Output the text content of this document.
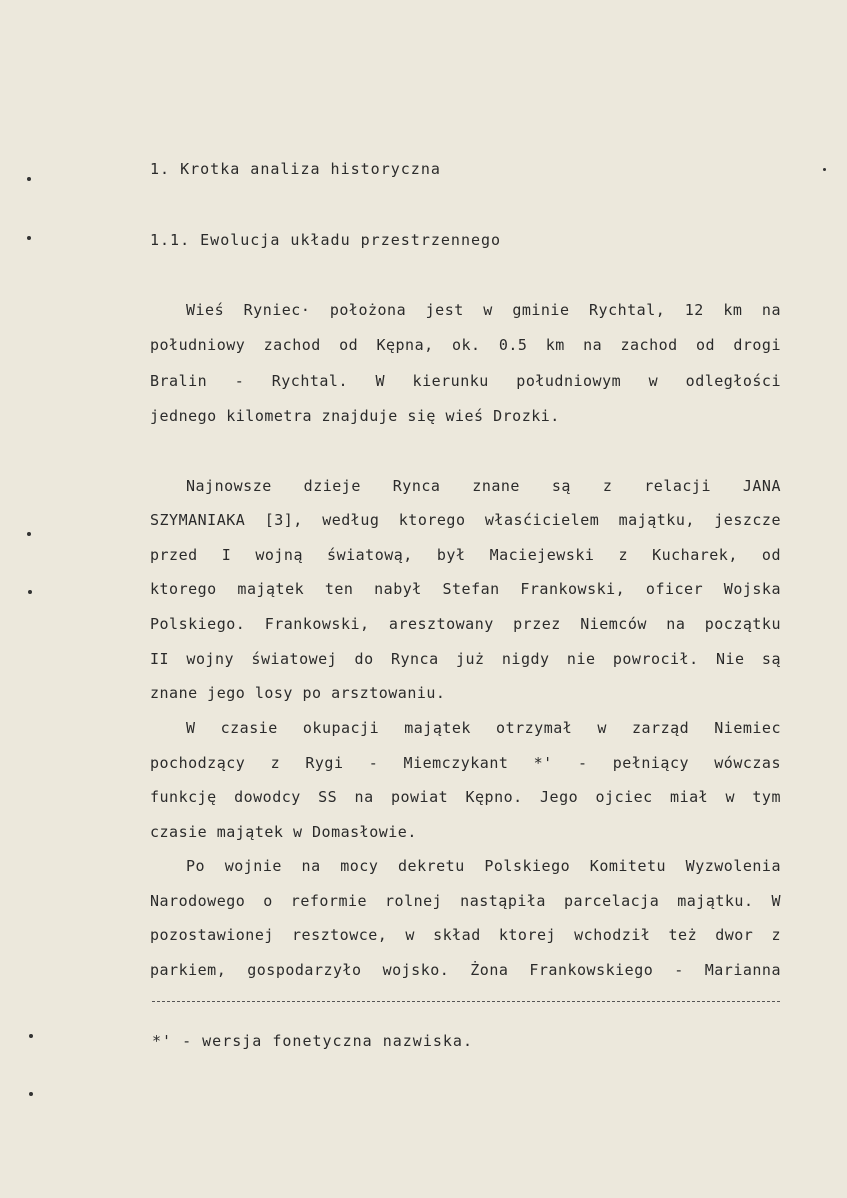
1. Krotka analiza historyczna
1.1. Ewolucja układu przestrzennego
Wieś Ryniec· położona jest w gminie Rychtal, 12 km na
południowy zachod od Kępna, ok. 0.5 km na zachod od drogi
Bralin - Rychtal. W kierunku południowym w odległości
jednego kilometra znajduje się wieś Drozki.
Najnowsze dzieje Rynca znane są z relacji JANA
SZYMANIAKA [3], według ktorego własćicielem majątku, jeszcze
przed I wojną światową, był Maciejewski z Kucharek, od
ktorego majątek ten nabył Stefan Frankowski, oficer Wojska
Polskiego. Frankowski, aresztowany przez Niemców na początku
II wojny światowej do Rynca już nigdy nie powrocił. Nie są
znane jego losy po arsztowaniu.
W czasie okupacji majątek otrzymał w zarząd Niemiec
pochodzący z Rygi - Miemczykant *' - pełniący wówczas
funkcję dowodcy SS na powiat Kępno. Jego ojciec miał w tym
czasie majątek w Domasłowie.
Po wojnie na mocy dekretu Polskiego Komitetu Wyzwolenia
Narodowego o reformie rolnej nastąpiła parcelacja majątku. W
pozostawionej resztowce, w skład ktorej wchodził też dwor z
parkiem, gospodarzyło wojsko. Żona Frankowskiego - Marianna
*' - wersja fonetyczna nazwiska.
